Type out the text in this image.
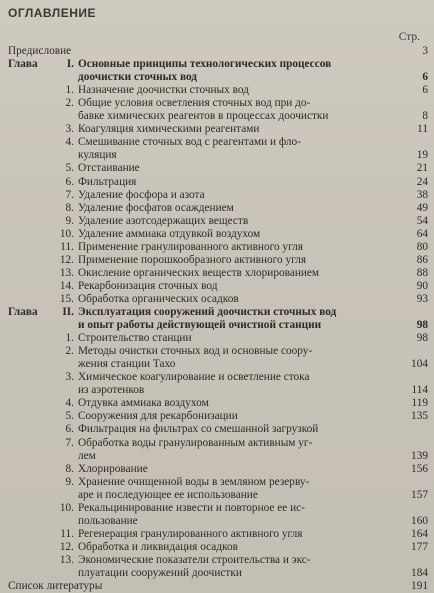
ОГЛАВЛЕНИЕ
Стр.
Предисловие	3
Глава	I. Основные принципы технологических процессов
доочистки сточных вод	6
1. Назначение доочистки сточных вод	6
2. Общие условия осветления сточных вод при до-
бавке химических реагентов в процессах доочистки	8
3. Коагуляция химическими реагентами	11
4. Смешивание сточных вод с реагентами и фло-
куляция	19
5. Отстаивание	21
6. Фильтрация	24
7. Удаление фосфора и азота	38
8. Удаление фосфатов осаждением	49
9. Удаление азотсодержащих веществ	54
10. Удаление аммиака отдувкой воздухом	64
11. Применение гранулированного активного угля	80
12. Применение порошкообразного активного угля	86
13. Окисление органических веществ хлорированием	88
14. Рекарбонизация сточных вод	90
15. Обработка органических осадков	93
Глава	II. Эксплуатация сооружений доочистки сточных вод
и опыт работы действующей очистной станции	98
1. Строительство станции	98
2. Методы очистки сточных вод и основные соору-
жения станции Тахо	104
3. Химическое коагулирование и осветление стока
из аэротенков	114
4. Отдувка аммиака воздухом	119
5. Сооружения для рекарбонизации	135
6. Фильтрация на фильтрах со смешанной загрузкой
7. Обработка воды гранулированным активным уг-
лем	139
8. Хлорирование	156
9. Хранение очищенной воды в земляном резерву-
аре и последующее ее использование	157
10. Рекальцинирование извести и повторное ее ис-
пользование	160
11. Регенерация гранулированного активного угля	164
12. Обработка и ликвидация осадков	177
13. Экономические показатели строительства и экс-
плуатации сооружений доочистки	184
Список литературы	191
